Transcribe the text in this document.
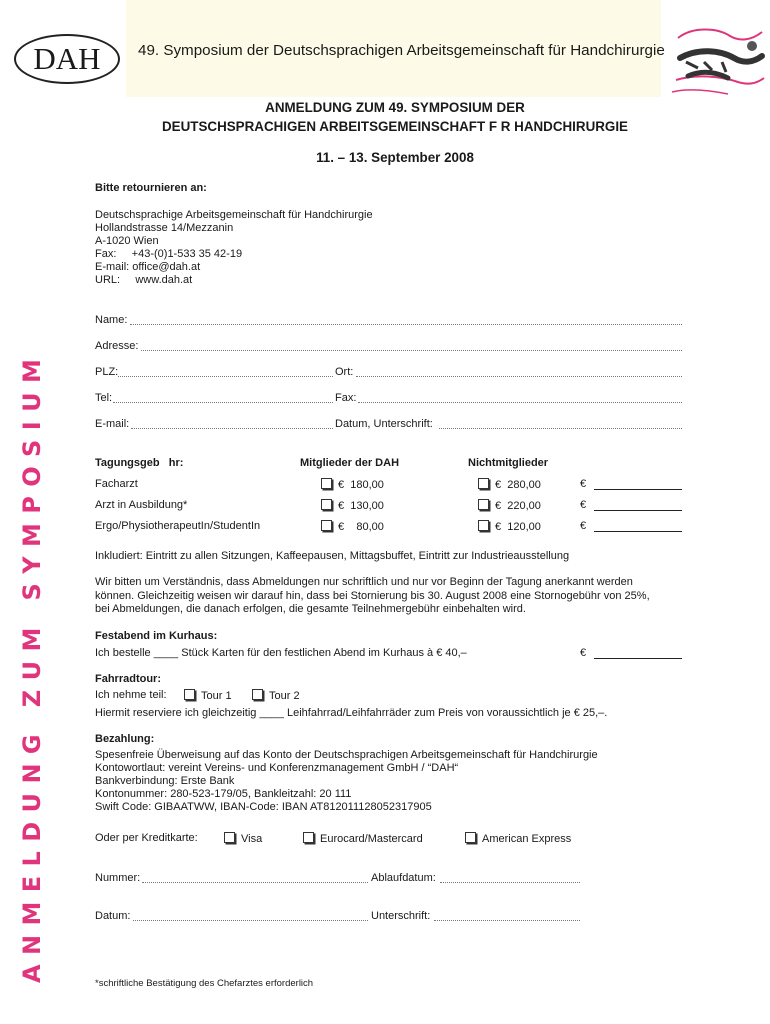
DAH 49. Symposium der Deutschsprachigen Arbeitsgemeinschaft für Handchirurgie
ANMELDUNG ZUM SYMPOSIUM
ANMELDUNG ZUM 49. SYMPOSIUM DER
DEUTSCHSPRACHIGEN ARBEITSGEMEINSCHAFT F R HANDCHIRURGIE
11. – 13. September 2008
Bitte retournieren an:
Deutschsprachige Arbeitsgemeinschaft für Handchirurgie
Hollandstrasse 14/Mezzanin
A-1020 Wien
Fax:     +43-(0)1-533 35 42-19
E-mail: office@dah.at
URL:     www.dah.at
Name:
Adresse:
PLZ:	Ort:
Tel:	Fax:
E-mail:	Datum, Unterschrift:
Tagungsgeb   hr:	Mitglieder der DAH	Nichtmitglieder
Facharzt	€  180,00	€  280,00	€
Arzt in Ausbildung*	€  130,00	€  220,00	€
Ergo/PhysiotherapeutIn/StudentIn	€    80,00	€  120,00	€
Inkludiert: Eintritt zu allen Sitzungen, Kaffeepausen, Mittagsbuffet, Eintritt zur Industrieausstellung
Wir bitten um Verständnis, dass Abmeldungen nur schriftlich und nur vor Beginn der Tagung anerkannt werden
können. Gleichzeitig weisen wir darauf hin, dass bei Stornierung bis 30. August 2008 eine Stornogebühr von 25%,
bei Abmeldungen, die danach erfolgen, die gesamte Teilnehmergebühr einbehalten wird.
Festabend im Kurhaus:
Ich bestelle ____ Stück Karten für den festlichen Abend im Kurhaus à € 40,–	€
Fahrradtour:
Ich nehme teil:	Tour 1	Tour 2
Hiermit reserviere ich gleichzeitig ____ Leihfahrrad/Leihfahrräder zum Preis von voraussichtlich je € 25,–.
Bezahlung:
Spesenfreie Überweisung auf das Konto der Deutschsprachigen Arbeitsgemeinschaft für Handchirurgie
Kontowortlaut: vereint Vereins- und Konferenzmanagement GmbH / “DAH“
Bankverbindung: Erste Bank
Kontonummer: 280-523-179/05, Bankleitzahl: 20 111
Swift Code: GIBAATWW, IBAN-Code: IBAN AT812011128052317905
Oder per Kreditkarte:	Visa	Eurocard/Mastercard	American Express
Nummer:	Ablaufdatum:
Datum:	Unterschrift:
*schriftliche Bestätigung des Chefarztes erforderlich
